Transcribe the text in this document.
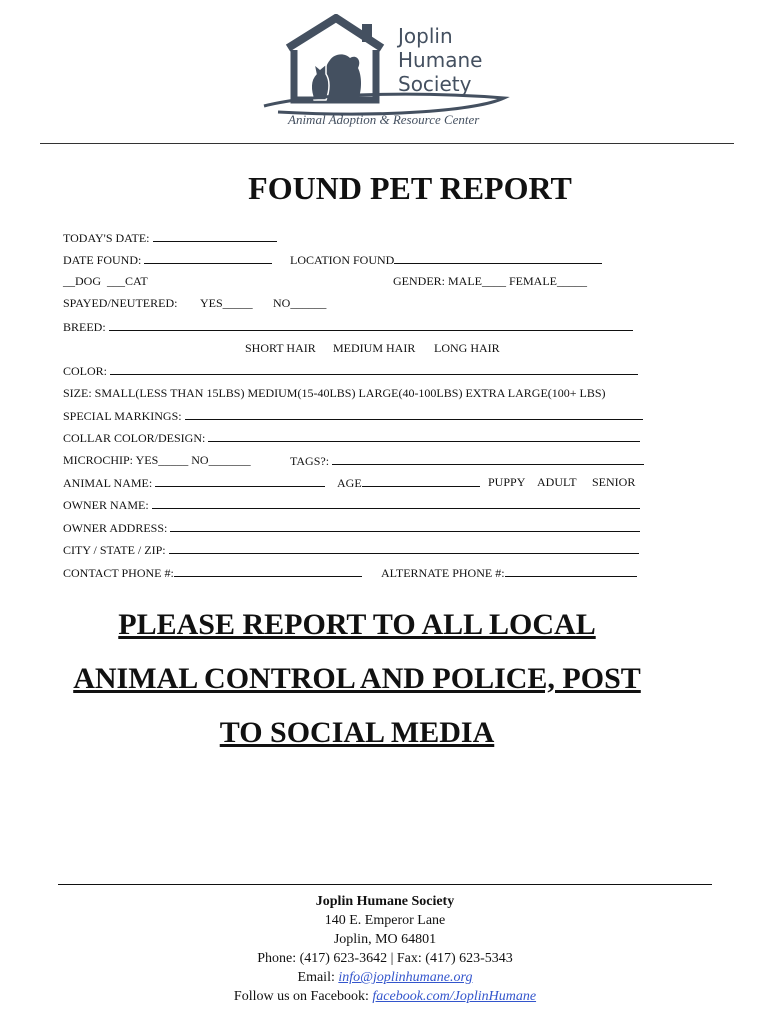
Joplin
Humane
Society
Animal Adoption & Resource Center
FOUND PET REPORT
TODAY'S DATE:
DATE FOUND:	LOCATION FOUND
__DOG ___CAT	GENDER: MALE____ FEMALE_____
SPAYED/NEUTERED: YES_____ NO______
BREED:
SHORT HAIR MEDIUM HAIR LONG HAIR
COLOR:
SIZE: SMALL(LESS THAN 15LBS) MEDIUM(15-40LBS) LARGE(40-100LBS) EXTRA LARGE(100+ LBS)
SPECIAL MARKINGS:
COLLAR COLOR/DESIGN:
MICROCHIP: YES_____ NO_______	TAGS?:
ANIMAL NAME:	AGE	PUPPY ADULT SENIOR
OWNER NAME:
OWNER ADDRESS:
CITY / STATE / ZIP:
CONTACT PHONE #:	ALTERNATE PHONE #:
PLEASE REPORT TO ALL LOCAL
ANIMAL CONTROL AND POLICE, POST
TO SOCIAL MEDIA
Joplin Humane Society
140 E. Emperor Lane
Joplin, MO 64801
Phone: (417) 623-3642 | Fax: (417) 623-5343
Email: info@joplinhumane.org
Follow us on Facebook: facebook.com/JoplinHumane
